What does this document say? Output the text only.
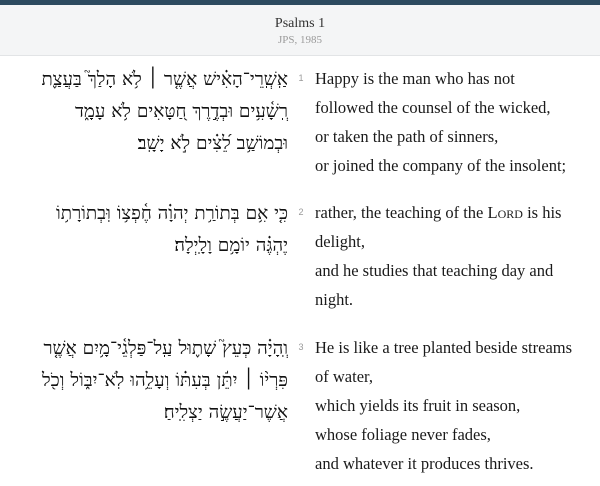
Psalms 1
JPS, 1985
אַֽשְֽׁרֵי־הָאִ֗ישׁ אֲשֶׁ֤ר ׀ לֹ֥א הָלַךְ֮ בַּעֲצַ֪ת
רְֽשָׁ֫עִ֥ים וּבְדֶ֣רֶךְ חַ֭טָּאִים לֹ֥א עָמָ֑ד
וּבְמוֹשַׁ֥ב לֵ֝צִ֗ים לֹ֣א יָשָֽׁב׃
1 Happy is the man who has not
followed the counsel of the wicked,
or taken the path of sinners,
or joined the company of the insolent;
כִּ֤י אִ֥ם בְּתוֹרַ֥ת יְהוָ֗ה חֶ֫פְצ֥וֹ וּֽבְתוֹרָת֥וֹ
יֶהְגֶּ֗ה יוֹמָ֥ם וָלָֽיְלָה׃
2 rather, the teaching of the Lord is his
delight,
and he studies that teaching day and
night.
וְֽהָיָ֗ה כְּעֵץ֮ שָׁת֪וּל עַֽל־פַּלְגֵ֫י־מָ֥יִם אֲשֶׁ֤ר
פִּרְי֨וֹ ׀ יִתֵּ֬ן בְּעִתּ֗וֹ וְעָלֵ֥הוּ לֹֽא־יִבּ֑וֹל וְכֹ֖ל
אֲשֶׁר־יַעֲשֶׂ֣ה יַצְלִֽיחַ׃
3 He is like a tree planted beside streams
of water,
which yields its fruit in season,
whose foliage never fades,
and whatever it produces thrives.
